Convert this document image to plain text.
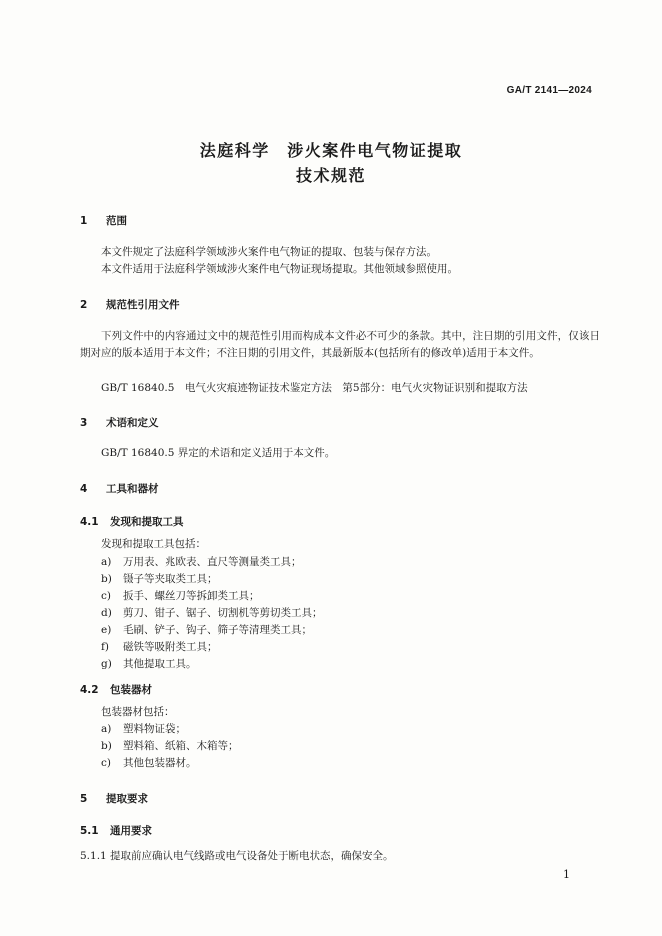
GA/T 2141—2024
法庭科学　涉火案件电气物证提取
技术规范
1 范围
本文件规定了法庭科学领域涉火案件电气物证的提取、包装与保存方法。
本文件适用于法庭科学领域涉火案件电气物证现场提取。其他领域参照使用。
2 规范性引用文件
下列文件中的内容通过文中的规范性引用而构成本文件必不可少的条款。其中，注日期的引用文件，仅该日期对应的版本适用于本文件；不注日期的引用文件，其最新版本(包括所有的修改单)适用于本文件。
GB/T 16840.5　电气火灾痕迹物证技术鉴定方法　第5部分：电气火灾物证识别和提取方法
3 术语和定义
GB/T 16840.5 界定的术语和定义适用于本文件。
4 工具和器材
4.1 发现和提取工具
发现和提取工具包括：
a) 万用表、兆欧表、直尺等测量类工具；
b) 镊子等夹取类工具；
c) 扳手、螺丝刀等拆卸类工具；
d) 剪刀、钳子、锯子、切割机等剪切类工具；
e) 毛刷、铲子、钩子、筛子等清理类工具；
f) 磁铁等吸附类工具；
g) 其他提取工具。
4.2 包装器材
包装器材包括：
a) 塑料物证袋；
b) 塑料箱、纸箱、木箱等；
c) 其他包装器材。
5 提取要求
5.1 通用要求
5.1.1 提取前应确认电气线路或电气设备处于断电状态，确保安全。
1
